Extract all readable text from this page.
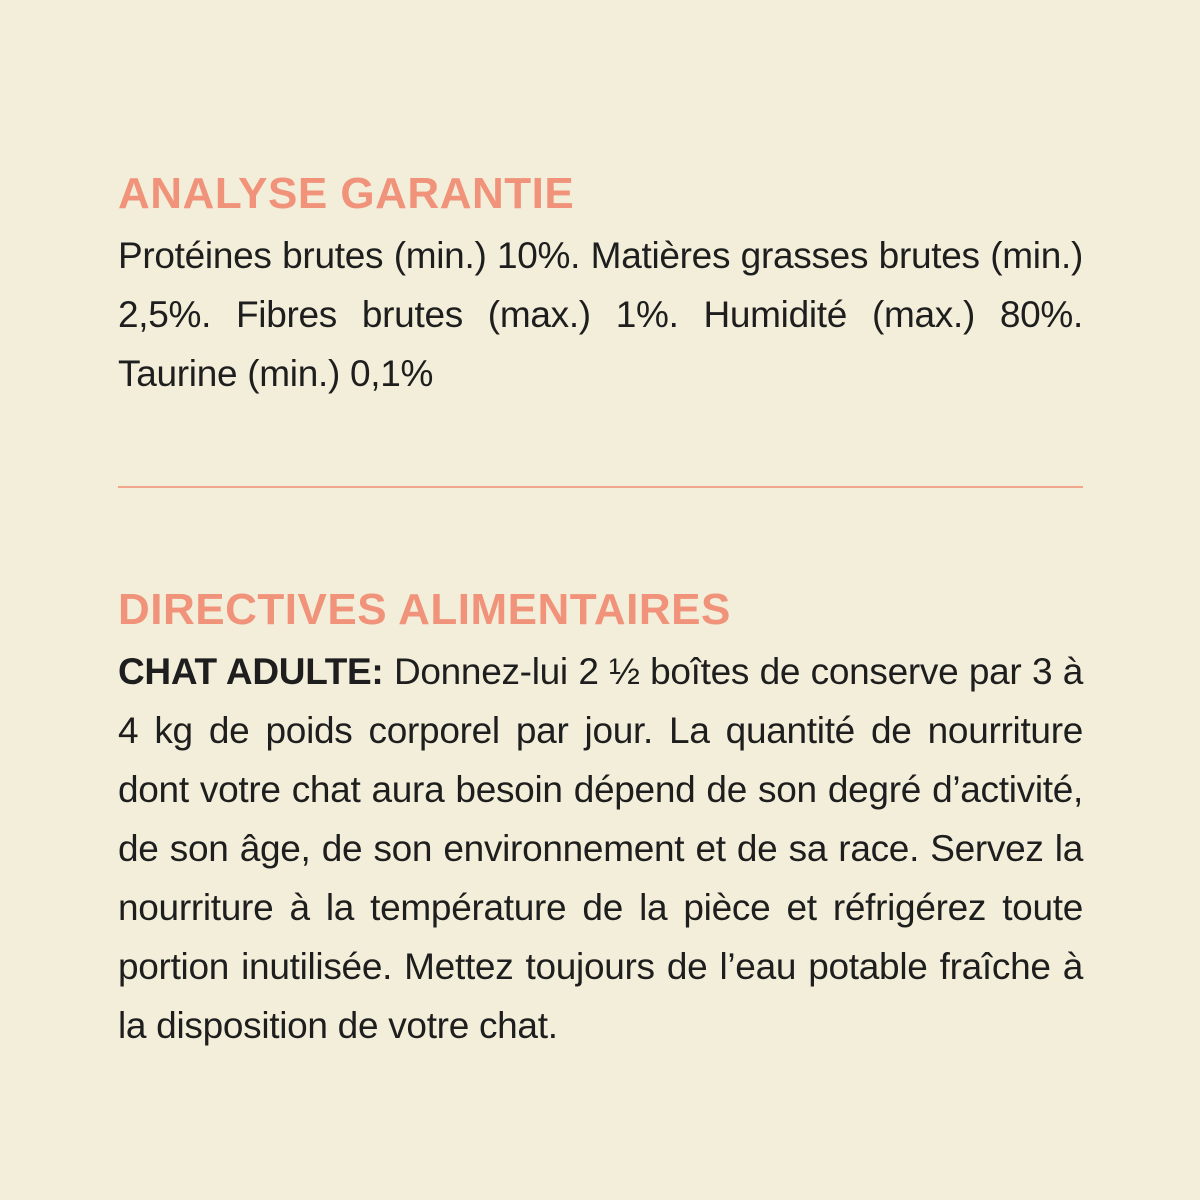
ANALYSE GARANTIE

Protéines brutes (min.) 10%. Matières grasses brutes (min.) 2,5%. Fibres brutes (max.) 1%. Humidité (max.) 80%. Taurine (min.) 0,1%

DIRECTIVES ALIMENTAIRES

CHAT ADULTE: Donnez-lui 2 ½ boîtes de conserve par 3 à 4 kg de poids corporel par jour. La quantité de nourriture dont votre chat aura besoin dépend de son degré d’activité, de son âge, de son environnement et de sa race. Servez la nourriture à la température de la pièce et réfrigérez toute portion inutilisée. Mettez toujours de l’eau potable fraîche à la disposition de votre chat.
